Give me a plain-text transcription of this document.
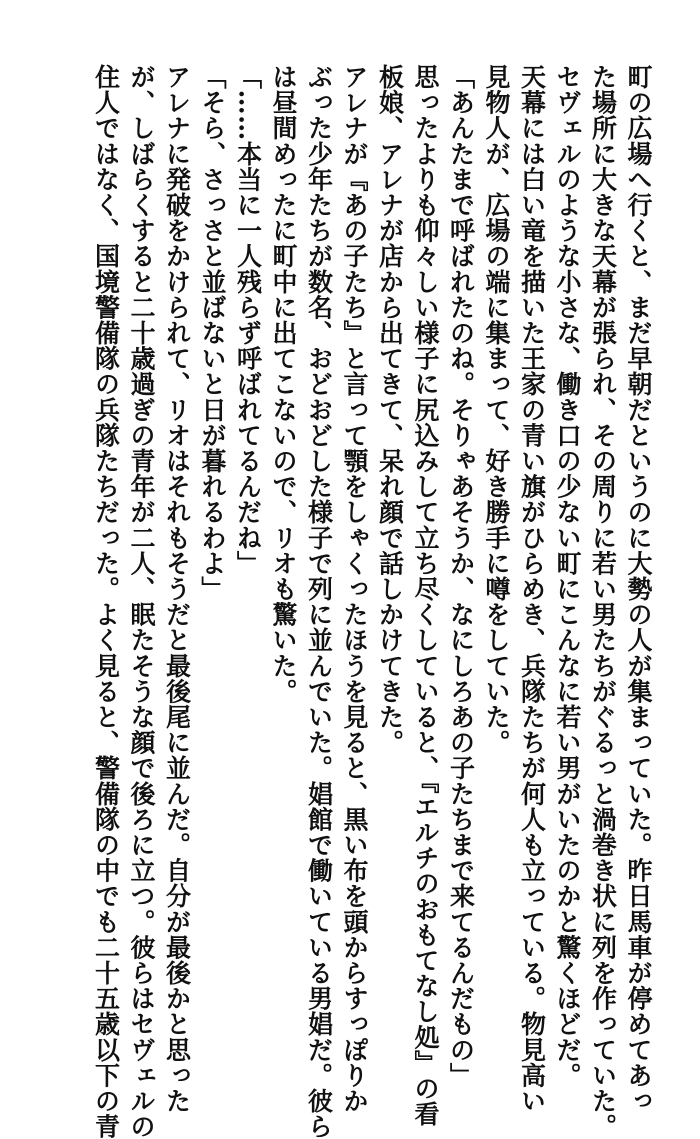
町の広場へ行くと、まだ早朝だというのに大勢の人が集まっていた。昨日馬車が停めてあっ
た場所に大きな天幕が張られ、その周りに若い男たちがぐるっと渦巻き状に列を作っていた。
セヴェルのような小さな、働き口の少ない町にこんなに若い男がいたのかと驚くほどだ。
天幕には白い竜を描いた王家の青い旗がひらめき、兵隊たちが何人も立っている。物見高い
見物人が、広場の端に集まって、好き勝手に噂をしていた。
「あんたまで呼ばれたのね。そりゃあそうか、なにしろあの子たちまで来てるんだもの」
思ったよりも仰々しい様子に尻込みして立ち尽くしていると、『エルチのおもてなし処』の看
板娘、アレナが店から出てきて、呆れ顔で話しかけてきた。
アレナが『あの子たち』と言って顎をしゃくったほうを見ると、黒い布を頭からすっぽりか
ぶった少年たちが数名、おどおどした様子で列に並んでいた。娼館で働いている男娼だ。彼ら
は昼間めったに町中に出てこないので、リオも驚いた。
「……本当に一人残らず呼ばれてるんだね」
「そら、さっさと並ばないと日が暮れるわよ」
アレナに発破をかけられて、リオはそれもそうだと最後尾に並んだ。自分が最後かと思った
が、しばらくすると二十歳過ぎの青年が二人、眠たそうな顔で後ろに立つ。彼らはセヴェルの
住人ではなく、国境警備隊の兵隊たちだった。よく見ると、警備隊の中でも二十五歳以下の青
